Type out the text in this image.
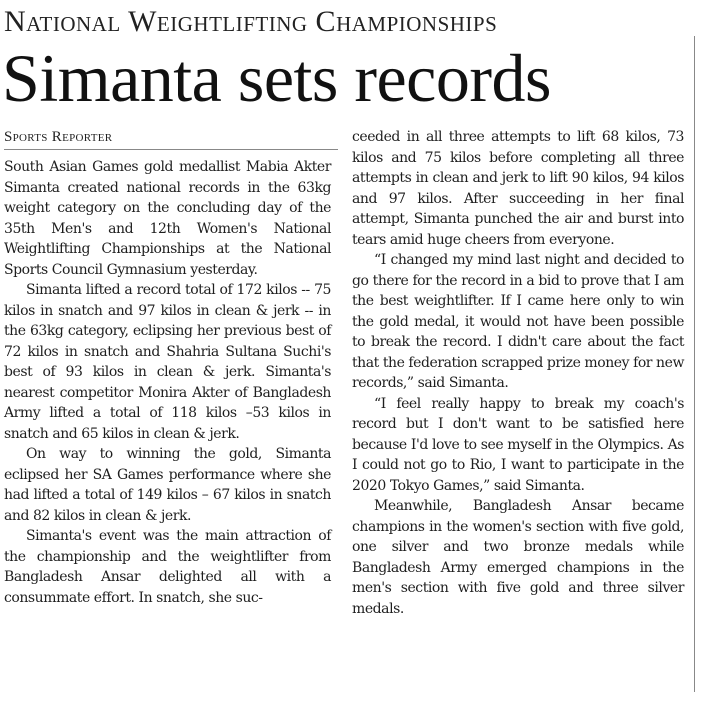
National Weightlifting Championships
Simanta sets records
Sports Reporter

South Asian Games gold medallist Mabia Akter Simanta created national records in the 63kg weight category on the concluding day of the 35th Men's and 12th Women's National Weightlifting Championships at the National Sports Council Gymnasium yesterday.

Simanta lifted a record total of 172 kilos -- 75 kilos in snatch and 97 kilos in clean & jerk -- in the 63kg category, eclipsing her previous best of 72 kilos in snatch and Shahria Sultana Suchi's best of 93 kilos in clean & jerk. Simanta's nearest competitor Monira Akter of Bangladesh Army lifted a total of 118 kilos –53 kilos in snatch and 65 kilos in clean & jerk.

On way to winning the gold, Simanta eclipsed her SA Games performance where she had lifted a total of 149 kilos – 67 kilos in snatch and 82 kilos in clean & jerk.

Simanta's event was the main attraction of the championship and the weightlifter from Bangladesh Ansar delighted all with a consummate effort. In snatch, she suc-

ceeded in all three attempts to lift 68 kilos, 73 kilos and 75 kilos before completing all three attempts in clean and jerk to lift 90 kilos, 94 kilos and 97 kilos. After succeeding in her final attempt, Simanta punched the air and burst into tears amid huge cheers from everyone.

“I changed my mind last night and decided to go there for the record in a bid to prove that I am the best weightlifter. If I came here only to win the gold medal, it would not have been possible to break the record. I didn't care about the fact that the federation scrapped prize money for new records,” said Simanta.

“I feel really happy to break my coach's record but I don't want to be satisfied here because I'd love to see myself in the Olympics. As I could not go to Rio, I want to participate in the 2020 Tokyo Games,” said Simanta.

Meanwhile, Bangladesh Ansar became champions in the women's section with five gold, one silver and two bronze medals while Bangladesh Army emerged champions in the men's section with five gold and three silver medals.
